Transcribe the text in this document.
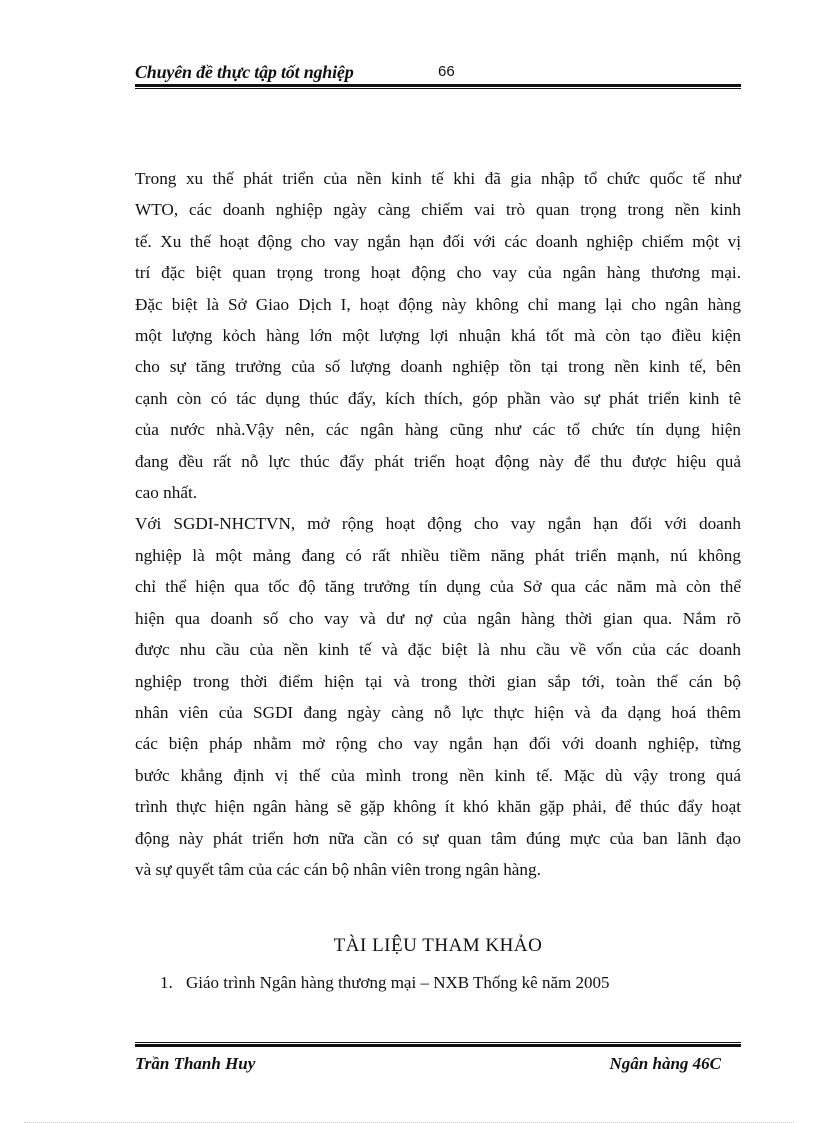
Chuyên đề thực tập tốt nghiệp	66

Trong xu thế phát triển của nền kinh tế khi đã gia nhập tổ chức quốc tế như
WTO, các doanh nghiệp ngày càng chiếm vai trò quan trọng trong nền kinh
tế. Xu thế hoạt động cho vay ngắn hạn đối với các doanh nghiệp chiếm một vị
trí đặc biệt quan trọng trong hoạt động cho vay của ngân hàng thương mại.
Đặc biệt là Sở Giao Dịch I, hoạt động này không chỉ mang lại cho ngân hàng
một lượng kỏch hàng lớn một lượng lợi nhuận khá tốt mà còn tạo điều kiện
cho sự tăng trưởng của số lượng doanh nghiệp tồn tại trong nền kinh tế, bên
cạnh còn có tác dụng thúc đẩy, kích thích, góp phần vào sự phát triển kinh tê
của nước nhà.Vậy nên, các ngân hàng cũng như các tổ chức tín dụng hiện
đang đều rất nỗ lực thúc đẩy phát triển hoạt động này để thu được hiệu quả
cao nhất.

Với SGDI-NHCTVN, mở rộng hoạt động cho vay ngắn hạn đối với doanh
nghiệp là một mảng đang có rất nhiều tiềm năng phát triển mạnh, nú không
chỉ thể hiện qua tốc độ tăng trưởng tín dụng của Sở qua các năm mà còn thể
hiện qua doanh số cho vay và dư nợ của ngân hàng thời gian qua. Nắm rõ
được nhu cầu của nền kinh tế và đặc biệt là nhu cầu về vốn của các doanh
nghiệp trong thời điểm hiện tại và trong thời gian sắp tới, toàn thể cán bộ
nhân viên của SGDI đang ngày càng nỗ lực thực hiện và đa dạng hoá thêm
các biện pháp nhằm mở rộng cho vay ngắn hạn đối với doanh nghiệp, từng
bước khẳng định vị thế của mình trong nền kinh tế. Mặc dù vậy trong quá
trình thực hiện ngân hàng sẽ gặp không ít khó khăn gặp phải, để thúc đẩy hoạt
động này phát triển hơn nữa cần có sự quan tâm đúng mực của ban lãnh đạo
và sự quyết tâm của các cán bộ nhân viên trong ngân hàng.

TÀI LIỆU THAM KHẢO
1. Giáo trình Ngân hàng thương mại – NXB Thống kê năm 2005
Trần Thanh Huy	Ngân hàng 46C
